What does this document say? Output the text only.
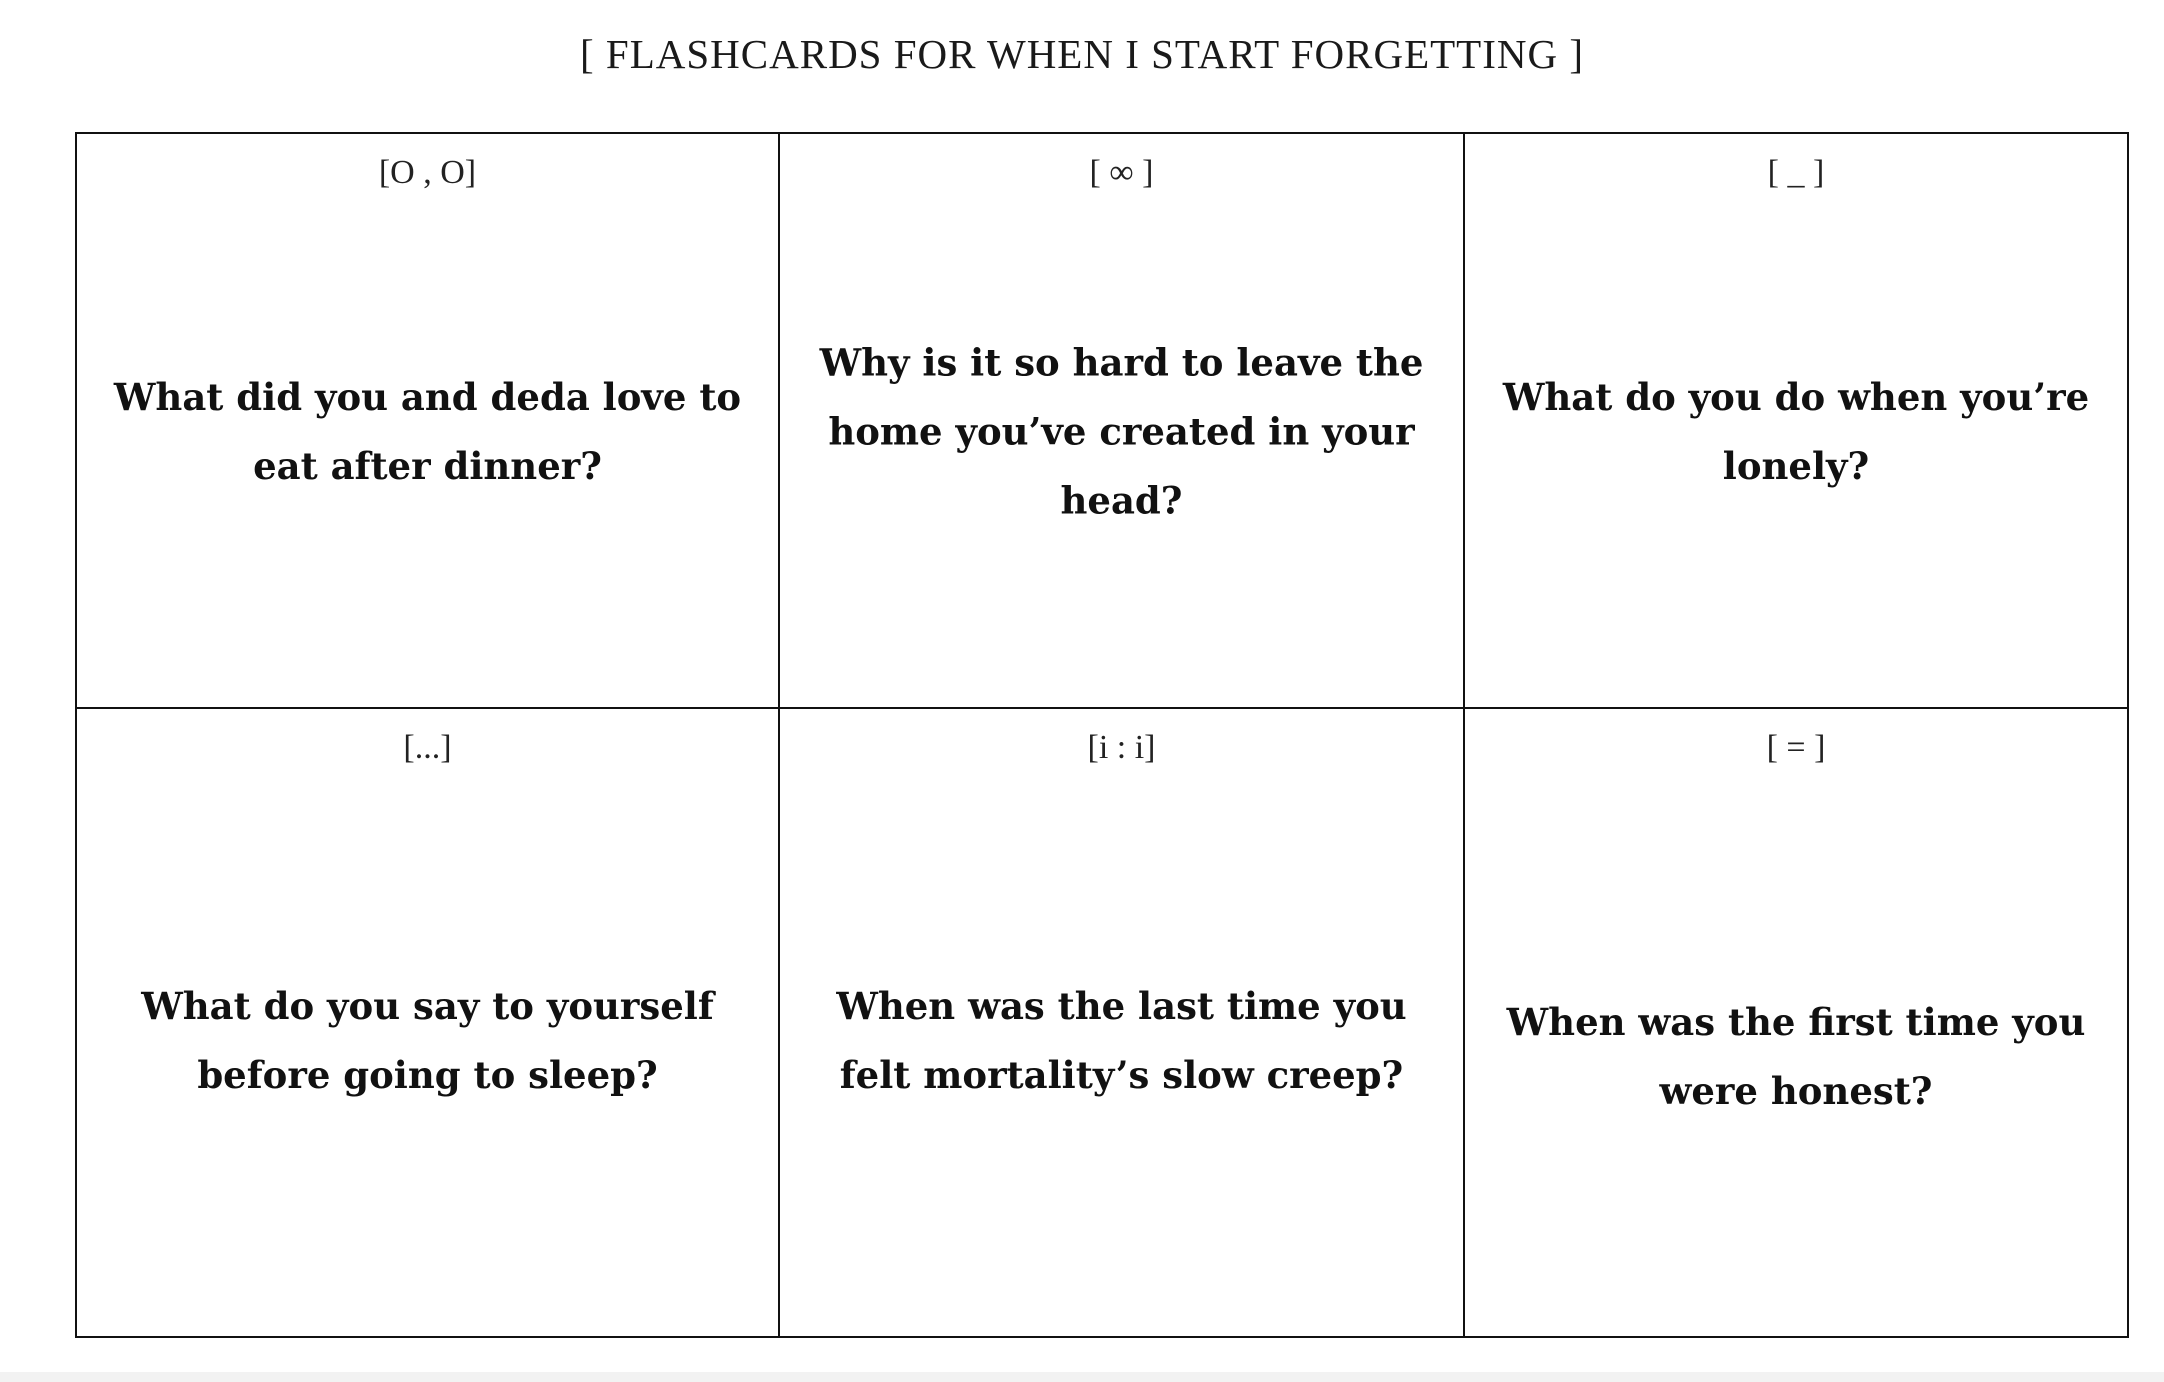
[ FLASHCARDS FOR WHEN I START FORGETTING ]
[O , O]
What did you and deda love to eat after dinner?
[ ∞ ]
Why is it so hard to leave the home you’ve created in your head?
[ _ ]
What do you do when you’re lonely?
[...]
What do you say to yourself before going to sleep?
[i : i]
When was the last time you felt mortality’s slow creep?
[ = ]
When was the first time you were honest?
